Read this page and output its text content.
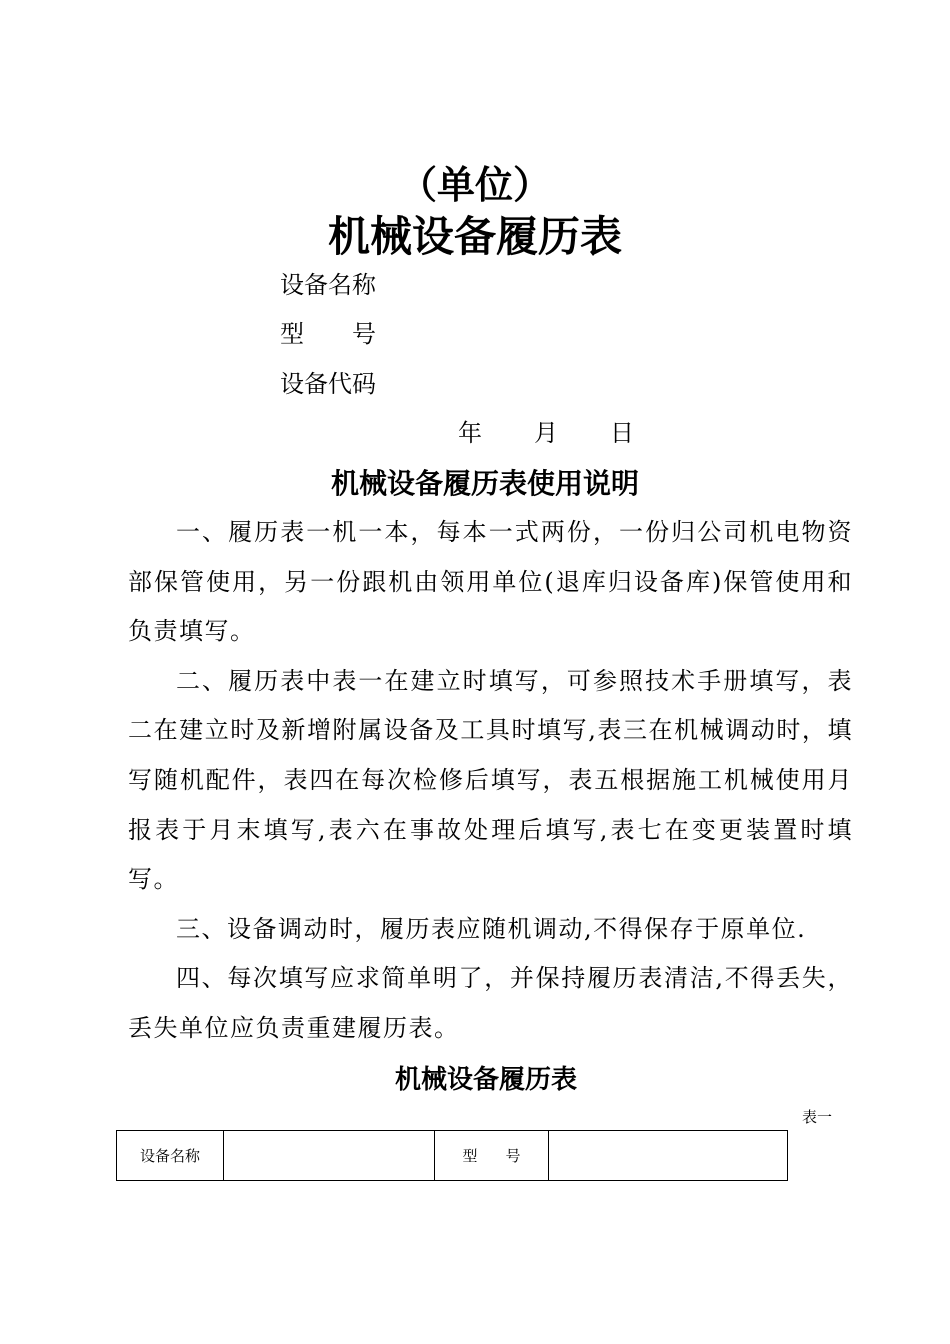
（单位）
机械设备履历表
设备名称
型 号
设备代码
年 月 日
机械设备履历表使用说明

一、履历表一机一本，每本一式两份，一份归公司机电物资部保管使用，另一份跟机由领用单位(退库归设备库)保管使用和负责填写。

二、履历表中表一在建立时填写，可参照技术手册填写，表二在建立时及新增附属设备及工具时填写,表三在机械调动时，填写随机配件，表四在每次检修后填写，表五根据施工机械使用月报表于月末填写,表六在事故处理后填写,表七在变更装置时填写。

三、设备调动时，履历表应随机调动,不得保存于原单位.

四、每次填写应求简单明了，并保持履历表清洁,不得丢失，丢失单位应负责重建履历表。

机械设备履历表
表一
设备名称		型 号	
